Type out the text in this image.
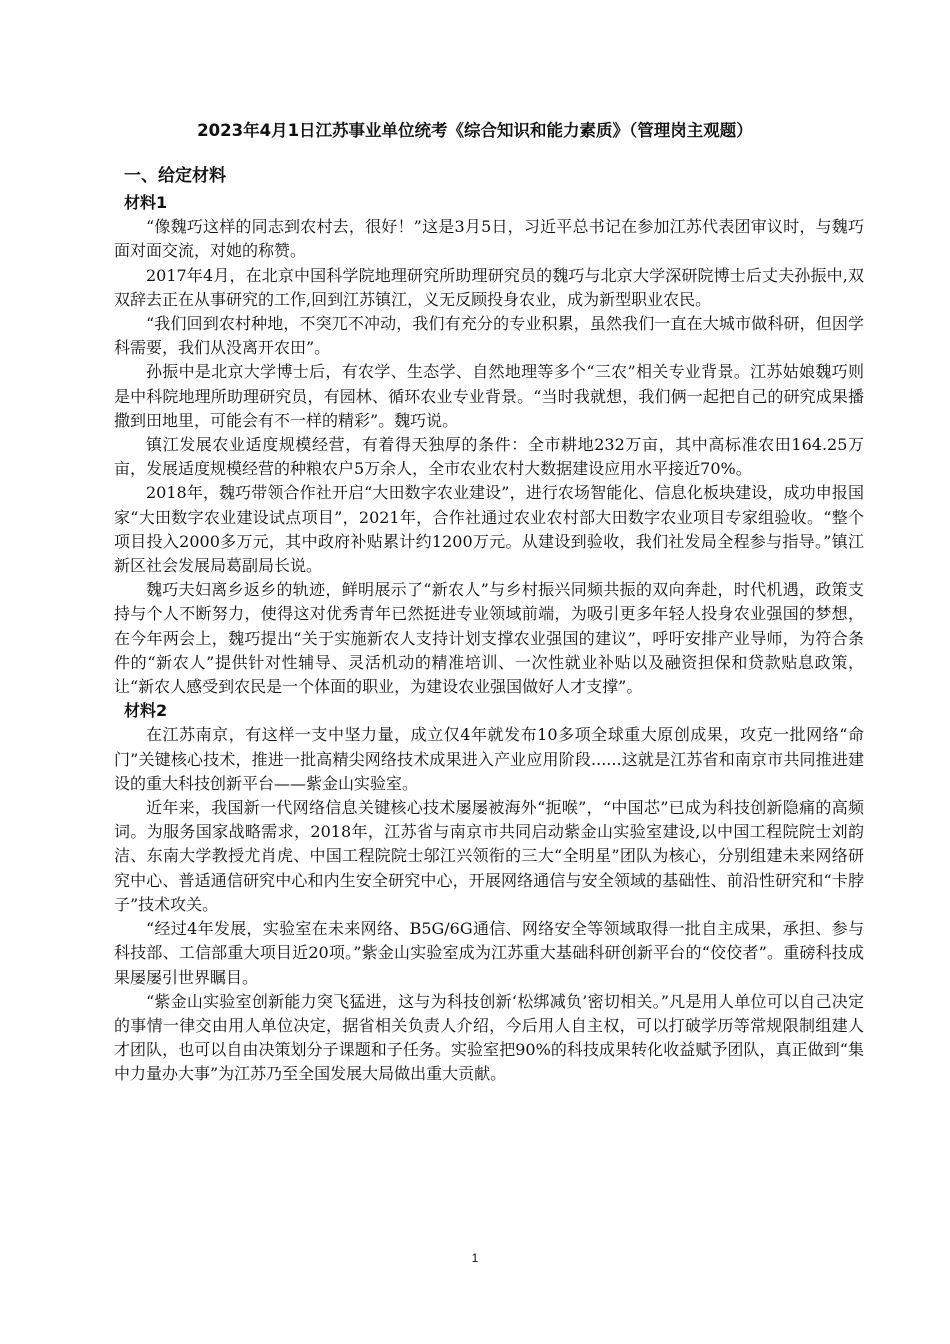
2023年4月1日江苏事业单位统考《综合知识和能力素质》（管理岗主观题）

一、给定材料

材料1

“像魏巧这样的同志到农村去，很好！”这是3月5日，习近平总书记在参加江苏代表团审议时，与魏巧面对面交流，对她的称赞。

2017年4月，在北京中国科学院地理研究所助理研究员的魏巧与北京大学深研院博士后丈夫孙振中,双双辞去正在从事研究的工作,回到江苏镇江，义无反顾投身农业，成为新型职业农民。

“我们回到农村种地，不突兀不冲动，我们有充分的专业积累，虽然我们一直在大城市做科研，但因学科需要，我们从没离开农田”。

孙振中是北京大学博士后，有农学、生态学、自然地理等多个“三农”相关专业背景。江苏姑娘魏巧则是中科院地理所助理研究员，有园林、循环农业专业背景。“当时我就想，我们俩一起把自己的研究成果播撒到田地里，可能会有不一样的精彩”。魏巧说。

镇江发展农业适度规模经营，有着得天独厚的条件：全市耕地232万亩，其中高标准农田164.25万亩，发展适度规模经营的种粮农户5万余人，全市农业农村大数据建设应用水平接近70%。

2018年，魏巧带领合作社开启“大田数字农业建设”，进行农场智能化、信息化板块建设，成功申报国家“大田数字农业建设试点项目”，2021年，合作社通过农业农村部大田数字农业项目专家组验收。“整个项目投入2000多万元，其中政府补贴累计约1200万元。从建设到验收，我们社发局全程参与指导。”镇江新区社会发展局葛副局长说。

魏巧夫妇离乡返乡的轨迹，鲜明展示了“新农人”与乡村振兴同频共振的双向奔赴，时代机遇，政策支持与个人不断努力，使得这对优秀青年已然挺进专业领域前端，为吸引更多年轻人投身农业强国的梦想，在今年两会上，魏巧提出“关于实施新农人支持计划支撑农业强国的建议”，呼吁安排产业导师，为符合条件的“新农人”提供针对性辅导、灵活机动的精准培训、一次性就业补贴以及融资担保和贷款贴息政策，让“新农人感受到农民是一个体面的职业，为建设农业强国做好人才支撑”。

材料2

在江苏南京，有这样一支中坚力量，成立仅4年就发布10多项全球重大原创成果，攻克一批网络“命门”关键核心技术，推进一批高精尖网络技术成果进入产业应用阶段......这就是江苏省和南京市共同推进建设的重大科技创新平台——紫金山实验室。

近年来，我国新一代网络信息关键核心技术屡屡被海外“扼喉”，“中国芯”已成为科技创新隐痛的高频词。为服务国家战略需求，2018年，江苏省与南京市共同启动紫金山实验室建设,以中国工程院院士刘韵洁、东南大学教授尤肖虎、中国工程院院士邬江兴领衔的三大“全明星”团队为核心，分别组建未来网络研究中心、普适通信研究中心和内生安全研究中心，开展网络通信与安全领域的基础性、前沿性研究和“卡脖子”技术攻关。

“经过4年发展，实验室在未来网络、B5G/6G通信、网络安全等领域取得一批自主成果，承担、参与科技部、工信部重大项目近20项。”紫金山实验室成为江苏重大基础科研创新平台的“佼佼者”。重磅科技成果屡屡引世界瞩目。

“紫金山实验室创新能力突飞猛进，这与为科技创新‘松绑减负’密切相关。”凡是用人单位可以自己决定的事情一律交由用人单位决定，据省相关负责人介绍，今后用人自主权，可以打破学历等常规限制组建人才团队，也可以自由决策划分子课题和子任务。实验室把90%的科技成果转化收益赋予团队，真正做到“集中力量办大事”为江苏乃至全国发展大局做出重大贡献。

1
